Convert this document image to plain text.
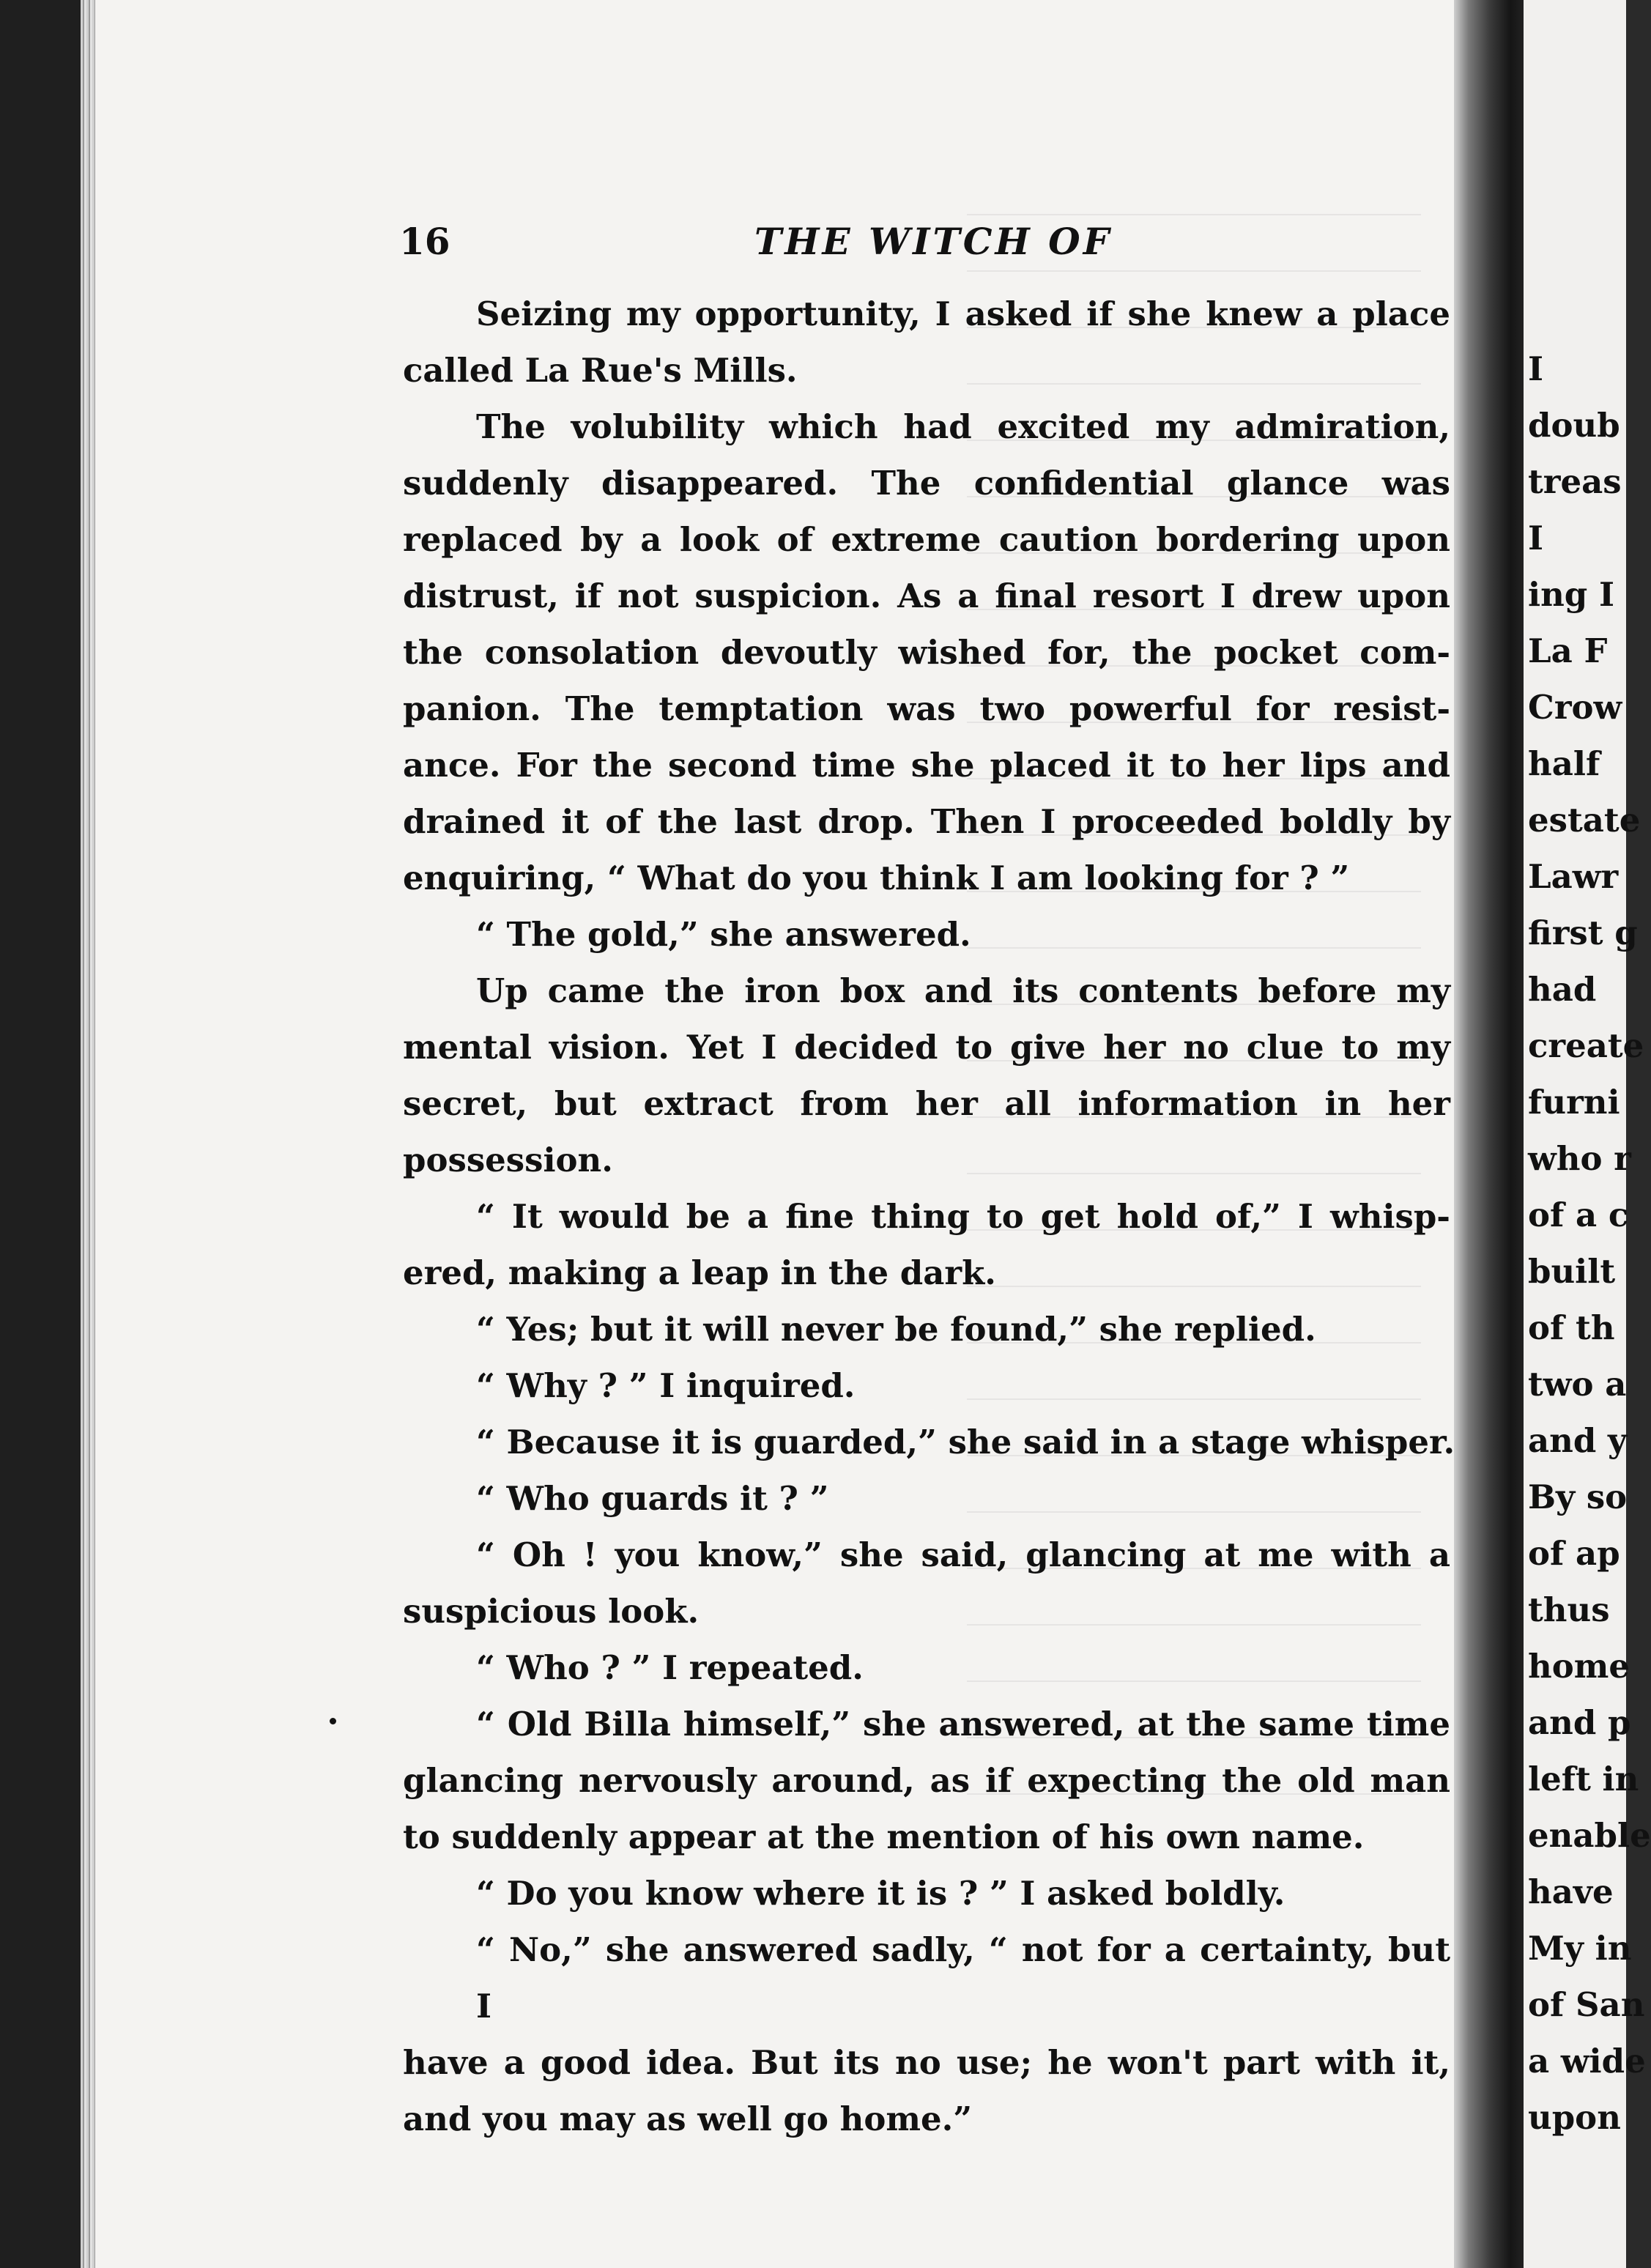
16	THE WITCH OF
Seizing my opportunity, I asked if she knew a place
called La Rue's Mills.
The volubility which had excited my admiration,
suddenly disappeared. The confidential glance was
replaced by a look of extreme caution bordering upon
distrust, if not suspicion. As a final resort I drew upon
the consolation devoutly wished for, the pocket com-
panion. The temptation was two powerful for resist-
ance. For the second time she placed it to her lips and
drained it of the last drop. Then I proceeded boldly by
enquiring, “ What do you think I am looking for ? ”
“ The gold,” she answered.
Up came the iron box and its contents before my
mental vision. Yet I decided to give her no clue to my
secret, but extract from her all information in her
possession.
“ It would be a fine thing to get hold of,” I whisp-
ered, making a leap in the dark.
“ Yes; but it will never be found,” she replied.
“ Why ? ” I inquired.
“ Because it is guarded,” she said in a stage whisper.
“ Who guards it ? ”
“ Oh ! you know,” she said, glancing at me with a
suspicious look.
“ Who ? ” I repeated.
“ Old Billa himself,” she answered, at the same time
glancing nervously around, as if expecting the old man
to suddenly appear at the mention of his own name.
“ Do you know where it is ? ” I asked boldly.
“ No,” she answered sadly, “ not for a certainty, but I
have a good idea. But its no use; he won't part with it,
and you may as well go home.”
I
doub
treas
I
ing I
La F
Crow
half
estate
Lawr
first g
had
create
furni
who r
of a c
built
of th
two a
and y
By so
of ap
thus
home
and p
left in
enable
have
My in
of San
a wide
upon
